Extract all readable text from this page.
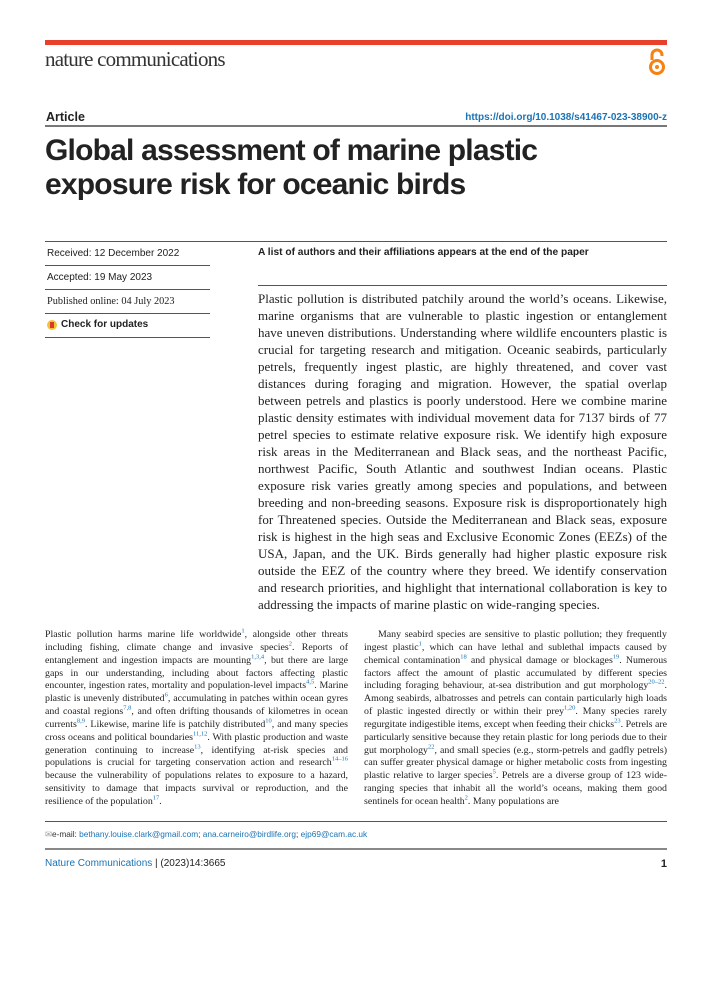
nature communications
Article	https://doi.org/10.1038/s41467-023-38900-z
Global assessment of marine plastic exposure risk for oceanic birds
Received: 12 December 2022
Accepted: 19 May 2023
Published online: 04 July 2023
Check for updates
A list of authors and their affiliations appears at the end of the paper

Plastic pollution is distributed patchily around the world’s oceans. Likewise, marine organisms that are vulnerable to plastic ingestion or entanglement have uneven distributions. Understanding where wildlife encounters plastic is crucial for targeting research and mitigation. Oceanic seabirds, particularly petrels, frequently ingest plastic, are highly threatened, and cover vast distances during foraging and migration. However, the spatial overlap between petrels and plastics is poorly understood. Here we combine marine plastic density estimates with individual movement data for 7137 birds of 77 petrel species to estimate relative exposure risk. We identify high exposure risk areas in the Mediterranean and Black seas, and the northeast Pacific, northwest Pacific, South Atlantic and southwest Indian oceans. Plastic exposure risk varies greatly among species and populations, and between breeding and non-breeding seasons. Exposure risk is disproportionately high for Threatened species. Outside the Mediterranean and Black seas, exposure risk is highest in the high seas and Exclusive Economic Zones (EEZs) of the USA, Japan, and the UK. Birds generally had higher plastic exposure risk outside the EEZ of the country where they breed. We identify conservation and research priorities, and highlight that international collaboration is key to addressing the impacts of marine plastic on wide-ranging species.

Plastic pollution harms marine life worldwide$^1$, alongside other threats including fishing, climate change and invasive species$^2$. Reports of entanglement and ingestion impacts are mounting$^{1,3,4}$, but there are large gaps in our understanding, including about factors affecting plastic encounter, ingestion rates, mortality and population-level impacts$^{4,5}$. Marine plastic is unevenly distributed$^6$, accumulating in patches within ocean gyres and coastal regions$^{7,8}$, and often drifting thousands of kilometres in ocean currents$^{8,9}$. Likewise, marine life is patchily distributed$^{10}$, and many species cross oceans and political boundaries$^{11,12}$. With plastic production and waste generation continuing to increase$^{13}$, identifying at-risk species and populations is crucial for targeting conservation action and research$^{14-16}$ because the vulnerability of populations relates to exposure to a hazard, sensitivity to damage that impacts survival or reproduction, and the resilience of the population$^{17}$.

Many seabird species are sensitive to plastic pollution; they frequently ingest plastic$^1$, which can have lethal and sublethal impacts caused by chemical contamination$^{18}$ and physical damage or blockages$^{19}$. Numerous factors affect the amount of plastic accumulated by different species including foraging behaviour, at-sea distribution and gut morphology$^{20-22}$. Among seabirds, albatrosses and petrels can contain particularly high loads of plastic ingested directly or within their prey$^{1,20}$. Many species rarely regurgitate indigestible items, except when feeding their chicks$^{23}$. Petrels are particularly sensitive because they retain plastic for long periods due to their gut morphology$^{22}$, and small species (e.g., storm-petrels and gadfly petrels) can suffer greater physical damage or higher metabolic costs from ingesting plastic relative to larger species$^5$. Petrels are a diverse group of 123 wide-ranging species that inhabit all the world’s oceans, making them good sentinels for ocean health$^2$. Many populations are

✉e-mail: bethany.louise.clark@gmail.com; ana.carneiro@birdlife.org; ejp69@cam.ac.uk
Nature Communications | (2023)14:3665	1
